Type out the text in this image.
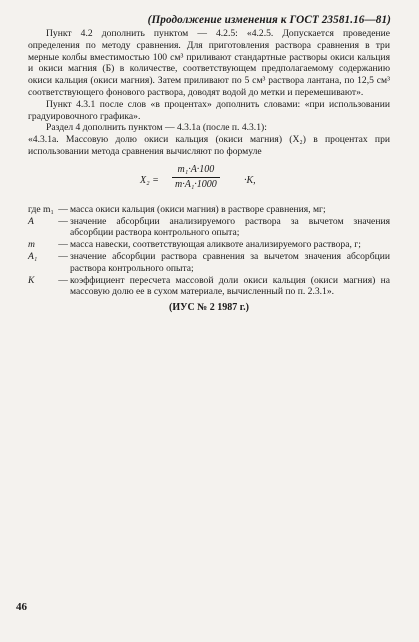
(Продолжение изменения к ГОСТ 23581.16—81)

Пункт 4.2 дополнить пунктом — 4.2.5: «4.2.5. Допускается проведение определения по методу сравнения. Для приготовления раствора сравнения в три мерные колбы вместимостью 100 см³ приливают стандартные растворы окиси кальция и окиси магния (Б) в количестве, соответствующем предполагаемому содержанию окиси кальция (окиси магния). Затем приливают по 5 см³ раствора лантана, по 12,5 см³ соответствующего фонового раствора, доводят водой до метки и перемешивают».

Пункт 4.3.1 после слов «в процентах» дополнить словами: «при использовании градуировочного графика».

Раздел 4 дополнить пунктом — 4.3.1а (после п. 4.3.1):

«4.3.1а. Массовую долю окиси кальция (окиси магния) (X₂) в процентах при использовании метода сравнения вычисляют по формуле

X₂ =
m₁·A·100
m·A₁·1000	·K,
где m₁ — масса окиси кальция (окиси магния) в растворе сравнения, мг;
A	— значение абсорбции анализируемого раствора за вычетом значения абсорбции раствора контрольного опыта;
m	— масса навески, соответствующая аликвоте анализируемого раствора, г;
A₁	— значение абсорбции раствора сравнения за вычетом значения абсорбции раствора контрольного опыта;
K	— коэффициент пересчета массовой доли окиси кальция (окиси магния) на массовую долю ее в сухом материале, вычисленный по п. 2.3.1».
(ИУС № 2 1987 г.)
46
